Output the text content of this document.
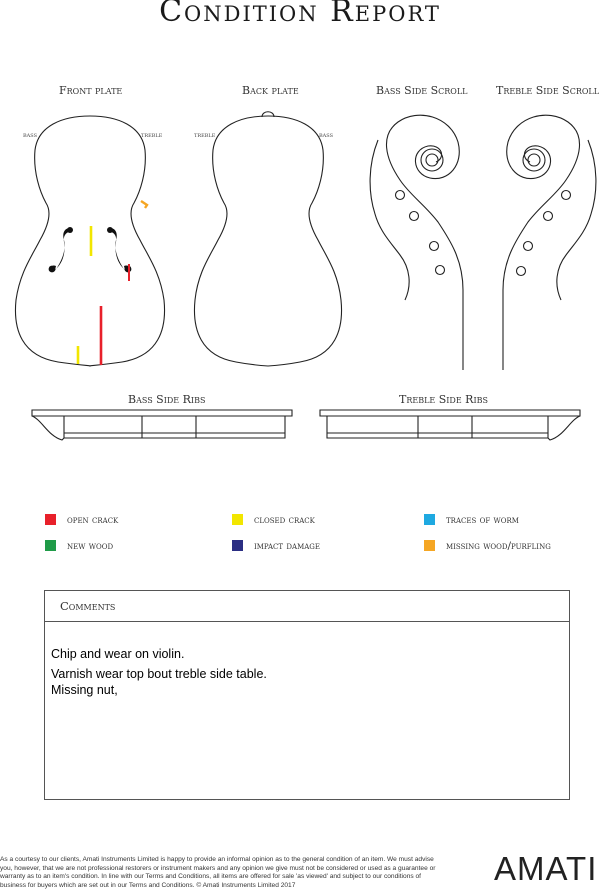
Condition Report
Front plate	Back plate	Bass Side Scroll	Treble Side Scroll
Bass Side Ribs	Treble Side Ribs
bass	treble	treble	bass
open crack	closed crack	traces of worm
new wood	impact damage	missing wood/purfling
Comments
Chip and wear on violin.
Varnish wear top bout treble side table.
Missing nut,
As a courtesy to our clients, Amati Instruments Limited is happy to provide an informal opinion as to the general condition of an item. We must advise you, however, that we are not professional restorers or instrument makers and any opinion we give must not be considered or used as a guarantee or warranty as to an item's condition. In line with our Terms and Conditions, all items are offered for sale 'as viewed' and subject to our conditions of business for buyers which are set out in our Terms and Conditions. © Amati Instruments Limited 2017	AMATI
